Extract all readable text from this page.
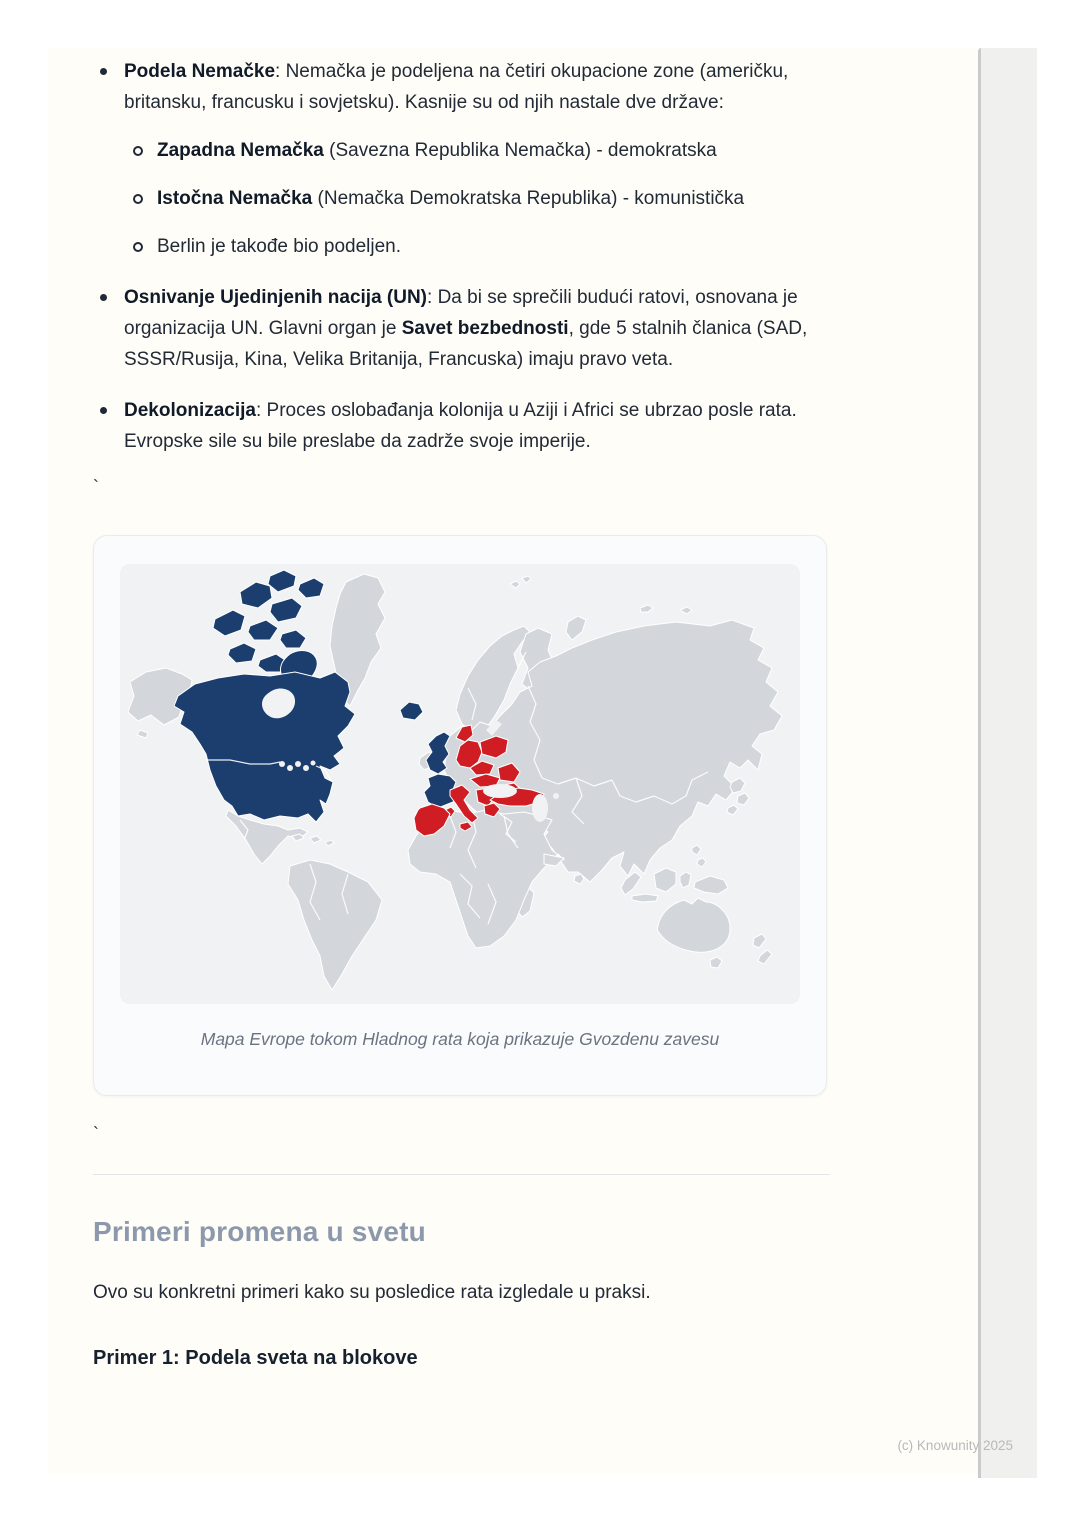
Podela Nemačke: Nemačka je podeljena na četiri okupacione zone (američku, britansku, francusku i sovjetsku). Kasnije su od njih nastale dve države:
Zapadna Nemačka (Savezna Republika Nemačka) - demokratska
Istočna Nemačka (Nemačka Demokratska Republika) - komunistička
Berlin je takođe bio podeljen.
Osnivanje Ujedinjenih nacija (UN): Da bi se sprečili budući ratovi, osnovana je organizacija UN. Glavni organ je Savet bezbednosti, gde 5 stalnih članica (SAD, SSSR/Rusija, Kina, Velika Britanija, Francuska) imaju pravo veta.
Dekolonizacija: Proces oslobađanja kolonija u Aziji i Africi se ubrzao posle rata. Evropske sile su bile preslabe da zadrže svoje imperije.
`
Mapa Evrope tokom Hladnog rata koja prikazuje Gvozdenu zavesu
`
Primeri promena u svetu

Ovo su konkretni primeri kako su posledice rata izgledale u praksi.

Primer 1: Podela sveta na blokove
(c) Knowunity 2025
